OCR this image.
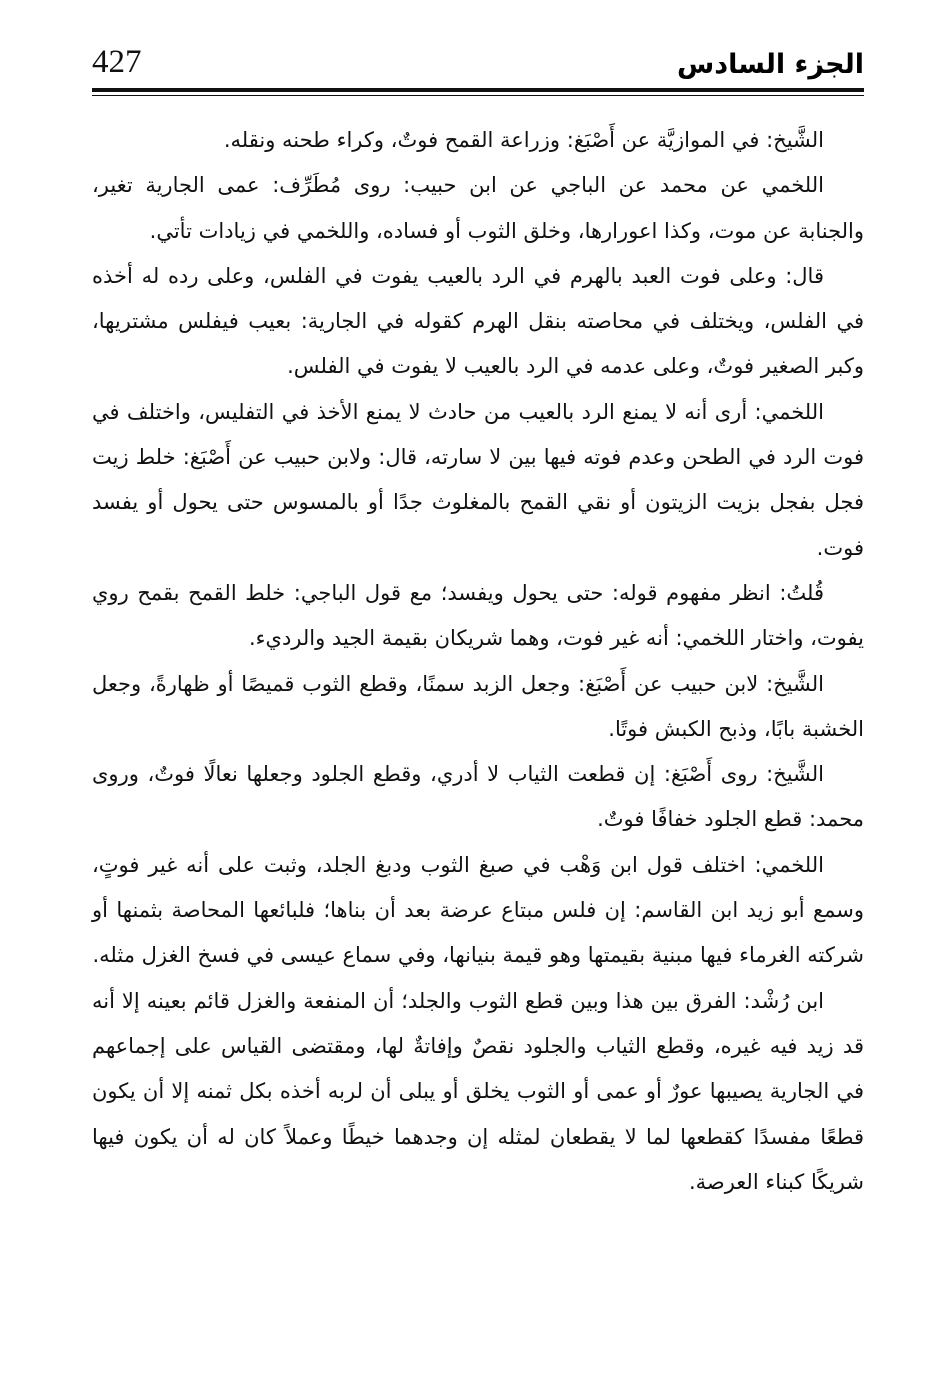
427	الجزء السادس

الشَّيخ: في الموازيَّة عن أَصْبَغ: وزراعة القمح فوتٌ، وكراء طحنه ونقله.

اللخمي عن محمد عن الباجي عن ابن حبيب: روى مُطَرِّف: عمى الجارية تغير، والجنابة عن موت، وكذا اعورارها، وخلق الثوب أو فساده، واللخمي في زيادات تأتي.

قال: وعلى فوت العبد بالهرم في الرد بالعيب يفوت في الفلس، وعلى رده له أخذه في الفلس، ويختلف في محاصته بنقل الهرم كقوله في الجارية: بعيب فيفلس مشتريها، وكبر الصغير فوتٌ، وعلى عدمه في الرد بالعيب لا يفوت في الفلس.

اللخمي: أرى أنه لا يمنع الرد بالعيب من حادث لا يمنع الأخذ في التفليس، واختلف في فوت الرد في الطحن وعدم فوته فيها بين لا سارته، قال: ولابن حبيب عن أَصْبَغ: خلط زيت فجل بفجل بزيت الزيتون أو نقي القمح بالمغلوث جدًا أو بالمسوس حتى يحول أو يفسد فوت.

قُلتُ: انظر مفهوم قوله: حتى يحول ويفسد؛ مع قول الباجي: خلط القمح بقمح روي يفوت، واختار اللخمي: أنه غير فوت، وهما شريكان بقيمة الجيد والرديء.

الشَّيخ: لابن حبيب عن أَصْبَغ: وجعل الزبد سمنًا، وقطع الثوب قميصًا أو ظهارةً، وجعل الخشبة بابًا، وذبح الكبش فوتًا.

الشَّيخ: روى أَصْبَغ: إن قطعت الثياب لا أدري، وقطع الجلود وجعلها نعالًا فوتٌ، وروى محمد: قطع الجلود خفافًا فوتٌ.

اللخمي: اختلف قول ابن وَهْب في صبغ الثوب ودبغ الجلد، وثبت على أنه غير فوتٍ، وسمع أبو زيد ابن القاسم: إن فلس مبتاع عرضة بعد أن بناها؛ فلبائعها المحاصة بثمنها أو شركته الغرماء فيها مبنية بقيمتها وهو قيمة بنيانها، وفي سماع عيسى في فسخ الغزل مثله.

ابن رُشْد: الفرق بين هذا وبين قطع الثوب والجلد؛ أن المنفعة والغزل قائم بعينه إلا أنه قد زيد فيه غيره، وقطع الثياب والجلود نقصٌ وإفاتةٌ لها، ومقتضى القياس على إجماعهم في الجارية يصيبها عورٌ أو عمى أو الثوب يخلق أو يبلى أن لربه أخذه بكل ثمنه إلا أن يكون قطعًا مفسدًا كقطعها لما لا يقطعان لمثله إن وجدهما خيطًا وعملاً كان له أن يكون فيها شريكًا كبناء العرصة.
